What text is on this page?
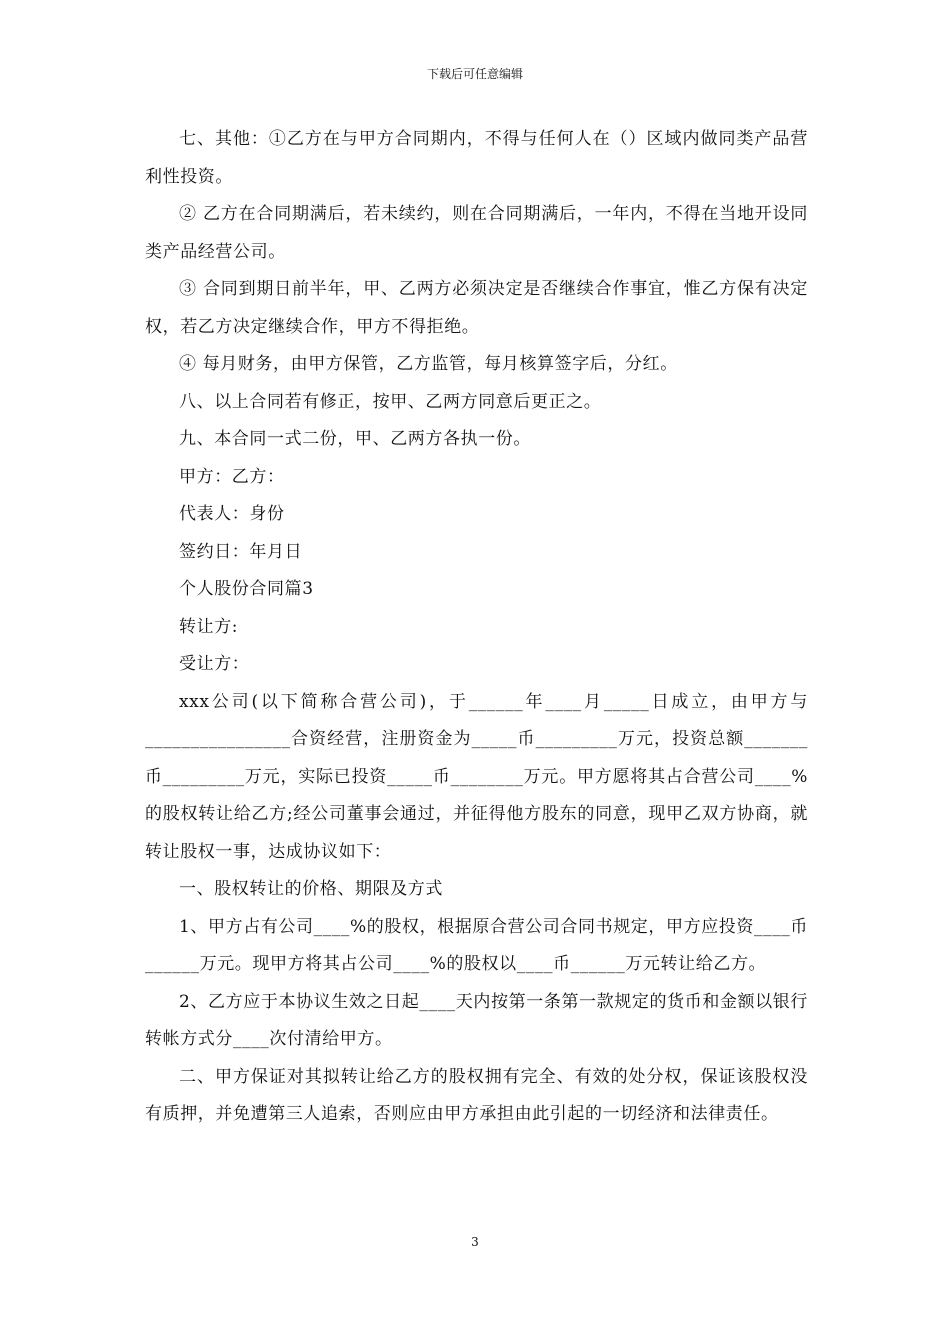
下载后可任意编辑

七、其他：①乙方在与甲方合同期内，不得与任何人在（）区域内做同类产品营利性投资。

② 乙方在合同期满后，若未续约，则在合同期满后，一年内，不得在当地开设同类产品经营公司。

③ 合同到期日前半年，甲、乙两方必须决定是否继续合作事宜，惟乙方保有决定权，若乙方决定继续合作，甲方不得拒绝。

④ 每月财务，由甲方保管，乙方监管，每月核算签字后，分红。

八、以上合同若有修正，按甲、乙两方同意后更正之。

九、本合同一式二份，甲、乙两方各执一份。

甲方：乙方：

代表人：身份

签约日：年月日

个人股份合同篇3

转让方:

受让方：

xxx公司(以下简称合营公司)，于______年____月_____日成立，由甲方与________________合资经营，注册资金为_____币_________万元，投资总额_______币_________万元，实际已投资_____币________万元。甲方愿将其占合营公司____%的股权转让给乙方;经公司董事会通过，并征得他方股东的同意，现甲乙双方协商，就转让股权一事，达成协议如下：

一、股权转让的价格、期限及方式

1、甲方占有公司____%的股权，根据原合营公司合同书规定，甲方应投资____币______万元。现甲方将其占公司____%的股权以____币______万元转让给乙方。

2、乙方应于本协议生效之日起____天内按第一条第一款规定的货币和金额以银行转帐方式分____次付清给甲方。

二、甲方保证对其拟转让给乙方的股权拥有完全、有效的处分权，保证该股权没有质押，并免遭第三人追索，否则应由甲方承担由此引起的一切经济和法律责任。

3
